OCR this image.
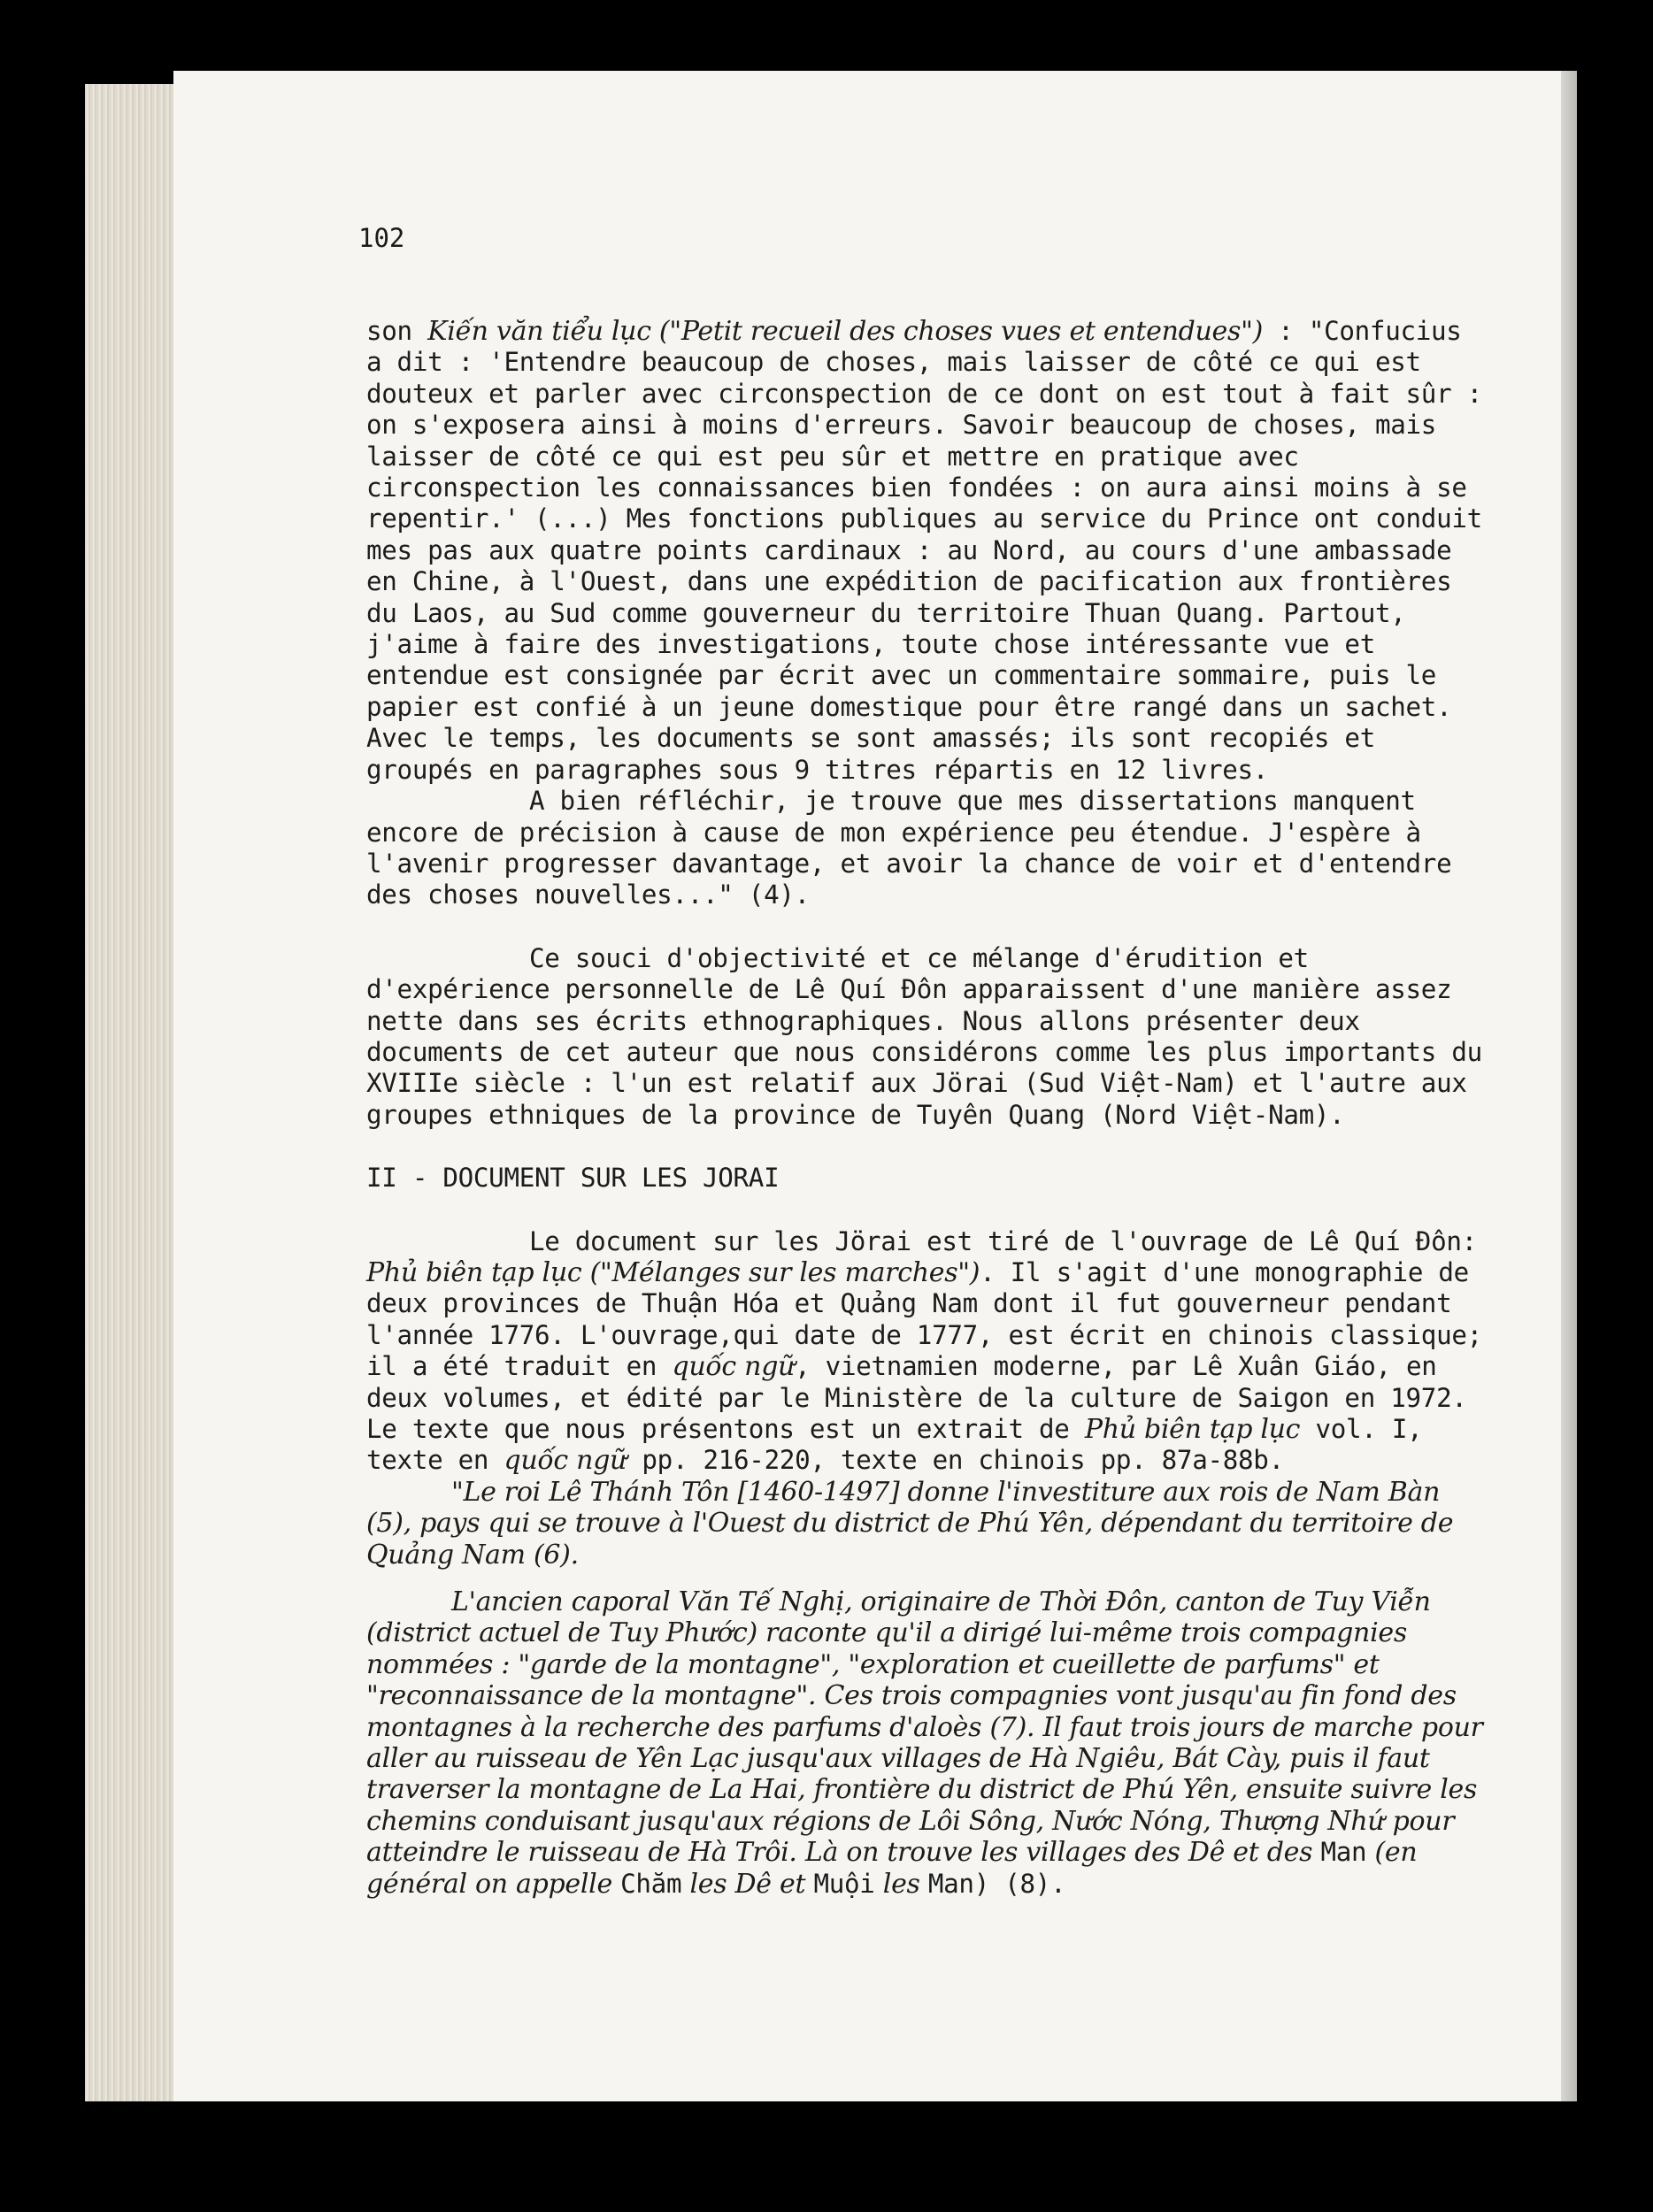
102

son Kiến văn tiểu lục ("Petit recueil des choses vues et entendues") : "Confucius a dit : 'Entendre beaucoup de choses, mais laisser de côté ce qui est douteux et parler avec circonspection de ce dont on est tout à fait sûr : on s'exposera ainsi à moins d'erreurs. Savoir beaucoup de choses, mais laisser de côté ce qui est peu sûr et mettre en pratique avec circonspection les connaissances bien fondées : on aura ainsi moins à se repentir.' (...) Mes fonctions publiques au service du Prince ont conduit mes pas aux quatre points cardinaux : au Nord, au cours d'une ambassade en Chine, à l'Ouest, dans une expédition de pacification aux frontières du Laos, au Sud comme gouverneur du territoire Thuan Quang. Partout, j'aime à faire des investigations, toute chose intéressante vue et entendue est consignée par écrit avec un commentaire sommaire, puis le papier est confié à un jeune domestique pour être rangé dans un sachet. Avec le temps, les documents se sont amassés; ils sont recopiés et groupés en paragraphes sous 9 titres répartis en 12 livres.

A bien réfléchir, je trouve que mes dissertations manquent encore de précision à cause de mon expérience peu étendue. J'espère à l'avenir progresser davantage, et avoir la chance de voir et d'entendre des choses nouvelles..." (4).

Ce souci d'objectivité et ce mélange d'érudition et d'expérience personnelle de Lê Quí Đôn apparaissent d'une manière assez nette dans ses écrits ethnographiques. Nous allons présenter deux documents de cet auteur que nous considérons comme les plus importants du XVIIIe siècle : l'un est relatif aux Jörai (Sud Việt-Nam) et l'autre aux groupes ethniques de la province de Tuyên Quang (Nord Việt-Nam).

II - DOCUMENT SUR LES JORAI

Le document sur les Jörai est tiré de l'ouvrage de Lê Quí Đôn: Phủ biên tạp lục ("Mélanges sur les marches"). Il s'agit d'une monographie de deux provinces de Thuận Hóa et Quảng Nam dont il fut gouverneur pendant l'année 1776. L'ouvrage,qui date de 1777, est écrit en chinois classique; il a été traduit en quốc ngữ, vietnamien moderne, par Lê Xuân Giáo, en deux volumes, et édité par le Ministère de la culture de Saigon en 1972. Le texte que nous présentons est un extrait de Phủ biên tạp lục vol. I, texte en quốc ngữ pp. 216-220, texte en chinois pp. 87a-88b.

"Le roi Lê Thánh Tôn [1460-1497] donne l'investiture aux rois de Nam Bàn (5), pays qui se trouve à l'Ouest du district de Phú Yên, dépendant du territoire de Quảng Nam (6).

L'ancien caporal Văn Tế Nghị, originaire de Thời Đôn, canton de Tuy Viễn (district actuel de Tuy Phước) raconte qu'il a dirigé lui-même trois compagnies nommées : "garde de la montagne", "exploration et cueillette de parfums" et "reconnaissance de la montagne". Ces trois compagnies vont jusqu'au fin fond des montagnes à la recherche des parfums d'aloès (7). Il faut trois jours de marche pour aller au ruisseau de Yên Lạc jusqu'aux villages de Hà Ngiêu, Bát Cày, puis il faut traverser la montagne de La Hai, frontière du district de Phú Yên, ensuite suivre les chemins conduisant jusqu'aux régions de Lôi Sông, Nước Nóng, Thượng Nhứ pour atteindre le ruisseau de Hà Trôi. Là on trouve les villages des Dê et des Man (en général on appelle Chăm les Dê et Muội les Man) (8).
